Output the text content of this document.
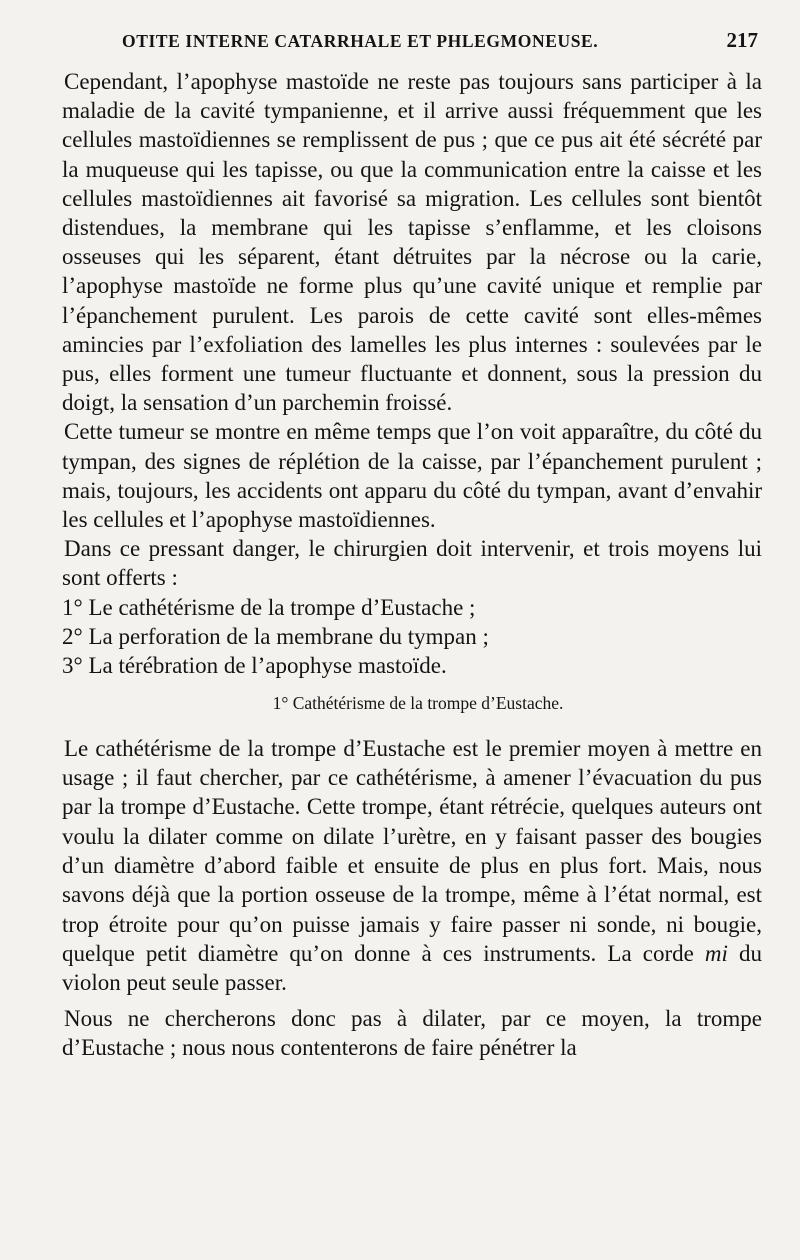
OTITE INTERNE CATARRHALE ET PHLEGMONEUSE.	217

Cependant, l’apophyse mastoïde ne reste pas toujours sans participer à la maladie de la cavité tympanienne, et il arrive aussi fréquemment que les cellules mastoïdiennes se remplissent de pus ; que ce pus ait été sécrété par la muqueuse qui les tapisse, ou que la communication entre la caisse et les cellules mastoïdiennes ait favorisé sa migration. Les cellules sont bientôt distendues, la membrane qui les tapisse s’enflamme, et les cloisons osseuses qui les séparent, étant détruites par la nécrose ou la carie, l’apophyse mastoïde ne forme plus qu’une cavité unique et remplie par l’épanchement purulent. Les parois de cette cavité sont elles-mêmes amincies par l’exfoliation des lamelles les plus internes : soulevées par le pus, elles forment une tumeur fluctuante et donnent, sous la pression du doigt, la sensation d’un parchemin froissé.

Cette tumeur se montre en même temps que l’on voit apparaître, du côté du tympan, des signes de réplétion de la caisse, par l’épanchement purulent ; mais, toujours, les accidents ont apparu du côté du tympan, avant d’envahir les cellules et l’apophyse mastoïdiennes.

Dans ce pressant danger, le chirurgien doit intervenir, et trois moyens lui sont offerts :

1° Le cathétérisme de la trompe d’Eustache ;

2° La perforation de la membrane du tympan ;

3° La térébration de l’apophyse mastoïde.

1° Cathétérisme de la trompe d’Eustache.

Le cathétérisme de la trompe d’Eustache est le premier moyen à mettre en usage ; il faut chercher, par ce cathétérisme, à amener l’évacuation du pus par la trompe d’Eustache. Cette trompe, étant rétrécie, quelques auteurs ont voulu la dilater comme on dilate l’urètre, en y faisant passer des bougies d’un diamètre d’abord faible et ensuite de plus en plus fort. Mais, nous savons déjà que la portion osseuse de la trompe, même à l’état normal, est trop étroite pour qu’on puisse jamais y faire passer ni sonde, ni bougie, quelque petit diamètre qu’on donne à ces instruments. La corde mi du violon peut seule passer.

Nous ne chercherons donc pas à dilater, par ce moyen, la trompe d’Eustache ; nous nous contenterons de faire pénétrer la
